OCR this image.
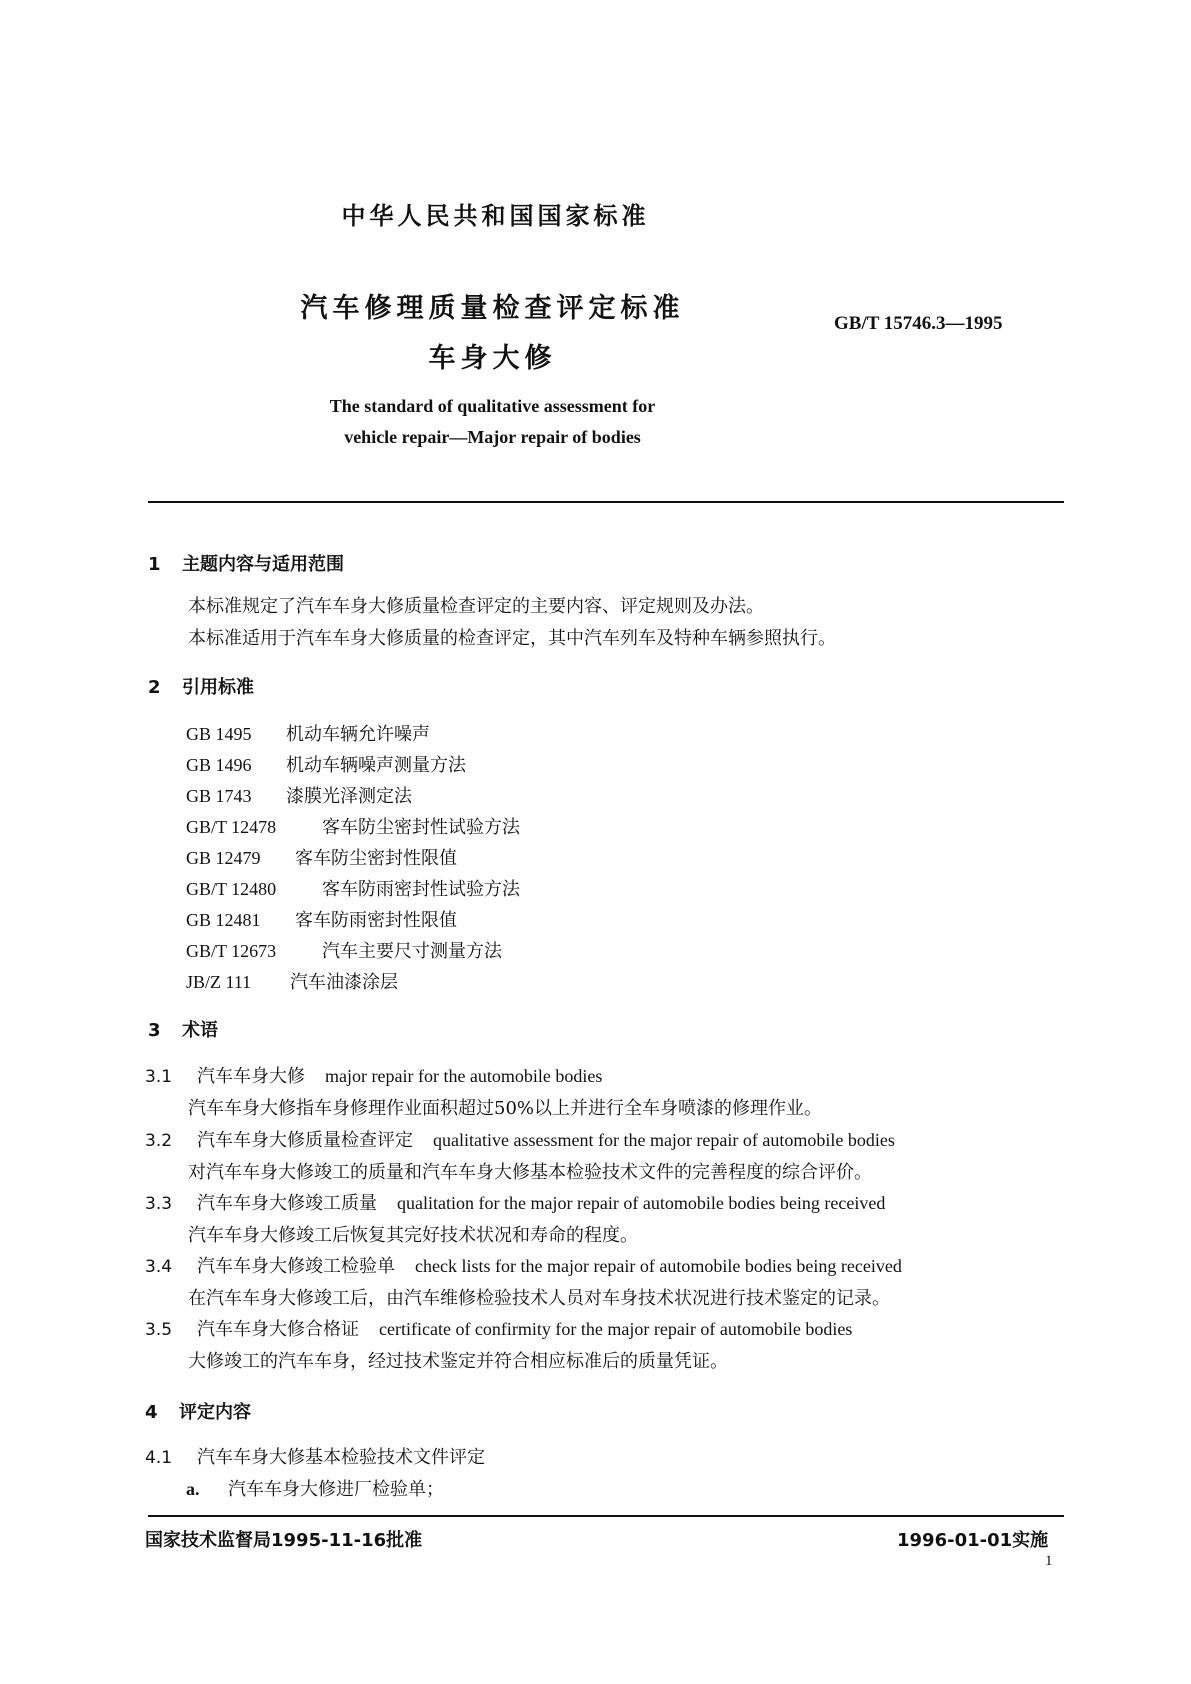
中华人民共和国国家标准
汽车修理质量检查评定标准
车身大修
GB/T 15746.3—1995
The standard of qualitative assessment for
vehicle repair—Major repair of bodies
1 主题内容与适用范围
本标准规定了汽车车身大修质量检查评定的主要内容、评定规则及办法。
本标准适用于汽车车身大修质量的检查评定，其中汽车列车及特种车辆参照执行。
2 引用标准
GB 1495 机动车辆允许噪声
GB 1496 机动车辆噪声测量方法
GB 1743 漆膜光泽测定法
GB/T 12478	客车防尘密封性试验方法
GB 12479 客车防尘密封性限值
GB/T 12480	客车防雨密封性试验方法
GB 12481 客车防雨密封性限值
GB/T 12673	汽车主要尺寸测量方法
JB/Z 111 汽车油漆涂层
3 术语
3.1 汽车车身大修 major repair for the automobile bodies
汽车车身大修指车身修理作业面积超过50%以上并进行全车身喷漆的修理作业。
3.2 汽车车身大修质量检查评定 qualitative assessment for the major repair of automobile bodies
对汽车车身大修竣工的质量和汽车车身大修基本检验技术文件的完善程度的综合评价。
3.3 汽车车身大修竣工质量 qualitation for the major repair of automobile bodies being received
汽车车身大修竣工后恢复其完好技术状况和寿命的程度。
3.4 汽车车身大修竣工检验单 check lists for the major repair of automobile bodies being received
在汽车车身大修竣工后，由汽车维修检验技术人员对车身技术状况进行技术鉴定的记录。
3.5 汽车车身大修合格证 certificate of confirmity for the major repair of automobile bodies
大修竣工的汽车车身，经过技术鉴定并符合相应标准后的质量凭证。
4 评定内容
4.1 汽车车身大修基本检验技术文件评定
a. 汽车车身大修进厂检验单；
国家技术监督局1995-11-16批准	1996-01-01实施
1
